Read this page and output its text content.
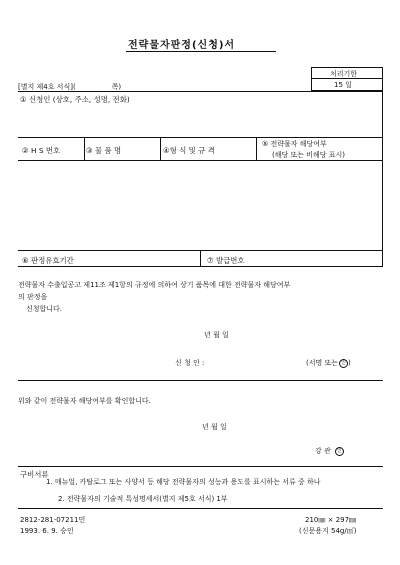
전략물자판정(신청)서
처리기한
15 일
[별지 제4호 서식](	쪽)
① 신청인 (상호, 주소, 성명, 전화)
② H S 번호	③ 물 품 명	④형 식 및 규 격
⑤ 전략물자 해당여부
(해당 또는 비해당 표시)
⑥ 판정유효기간	⑦ 발급번호
전략물자 수출입공고 제11조 제1항의 규정에 의하여 상기 품목에 대한 전략물자 해당여부
의 판정을
신청합니다.
년 월 일
신 청 인 :	(서명 또는 인 )
위와 같이 전략물자 해당여부를 확인합니다.
년 월 일
강 관 인
구비서류
1. 매뉴얼, 카탈로그 또는 사양서 등 해당 전략물자의 성능과 용도를 표시하는 서류 중 하나
2. 전략물자의 기술적 특성명세서(별지 제5호 서식) 1부
2812-281-07211민
1993. 6. 9. 승인
210㎜ × 297㎜
(신문용지 54g/㎡)
